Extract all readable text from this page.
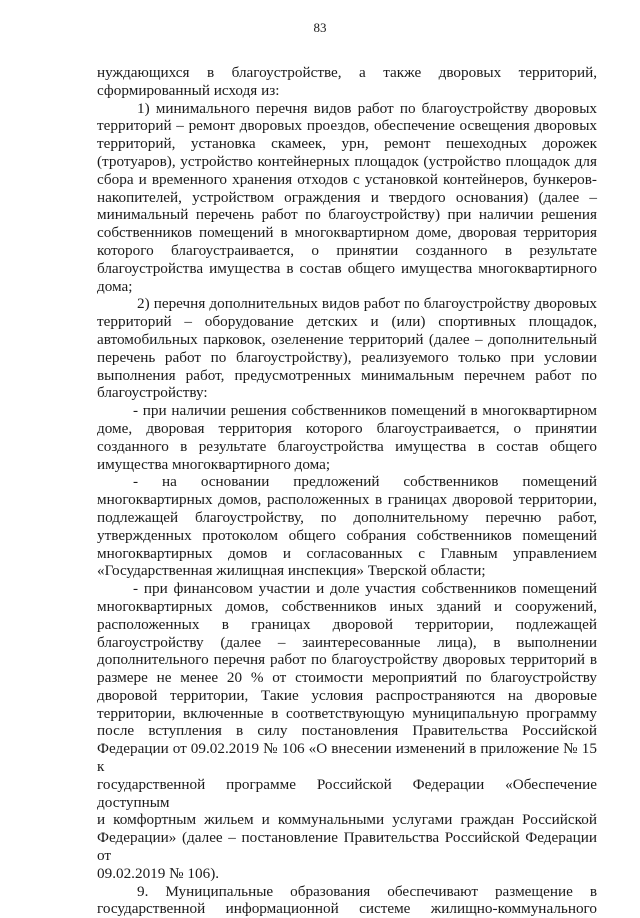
83

нуждающихся в благоустройстве, а также дворовых территорий,

сформированный исходя из:

1) минимального перечня видов работ по благоустройству дворовых

территорий – ремонт дворовых проездов, обеспечение освещения дворовых

территорий, установка скамеек, урн, ремонт пешеходных дорожек

(тротуаров), устройство контейнерных площадок (устройство площадок для

сбора и временного хранения отходов с установкой контейнеров, бункеров-

накопителей, устройством ограждения и твердого основания) (далее –

минимальный перечень работ по благоустройству) при наличии решения

собственников помещений в многоквартирном доме, дворовая территория

которого благоустраивается, о принятии созданного в результате

благоустройства имущества в состав общего имущества многоквартирного

дома;

2) перечня дополнительных видов работ по благоустройству дворовых

территорий – оборудование детских и (или) спортивных площадок,

автомобильных парковок, озеленение территорий (далее – дополнительный

перечень работ по благоустройству), реализуемого только при условии

выполнения работ, предусмотренных минимальным перечнем работ по

благоустройству:

- при наличии решения собственников помещений в многоквартирном

доме, дворовая территория которого благоустраивается, о принятии

созданного в результате благоустройства имущества в состав общего

имущества многоквартирного дома;

- на основании предложений собственников помещений

многоквартирных домов, расположенных в границах дворовой территории,

подлежащей благоустройству, по дополнительному перечню работ,

утвержденных протоколом общего собрания собственников помещений

многоквартирных домов и согласованных с Главным управлением

«Государственная жилищная инспекция» Тверской области;

- при финансовом участии и доле участия собственников помещений

многоквартирных домов, собственников иных зданий и сооружений,

расположенных в границах дворовой территории, подлежащей

благоустройству (далее – заинтересованные лица), в выполнении

дополнительного перечня работ по благоустройству дворовых территорий в

размере не менее 20 % от стоимости мероприятий по благоустройству

дворовой территории, Такие условия распространяются на дворовые

территории, включенные в соответствующую муниципальную программу

после вступления в силу постановления Правительства Российской

Федерации от 09.02.2019 № 106 «О внесении изменений в приложение № 15 к

государственной программе Российской Федерации «Обеспечение доступным

и комфортным жильем и коммунальными услугами граждан Российской

Федерации» (далее – постановление Правительства Российской Федерации от

09.02.2019 № 106).

9. Муниципальные образования обеспечивают размещение в

государственной информационной системе жилищно-коммунального
